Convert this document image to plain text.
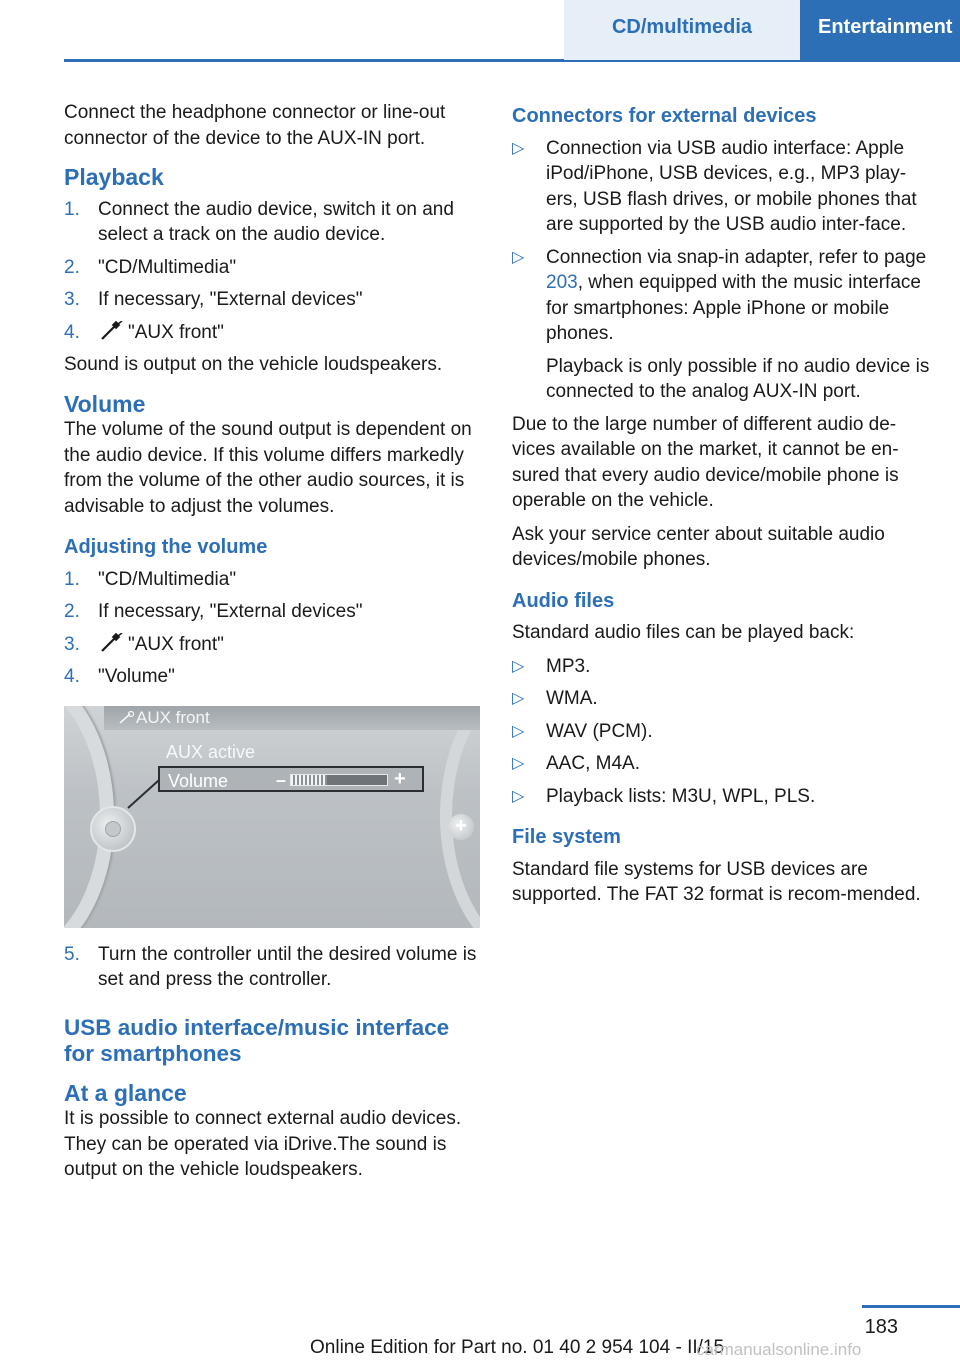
CD/multimedia	Entertainment

Connect the headphone connector or line-out connector of the device to the AUX-IN port.

Playback
1. Connect the audio device, switch it on and select a track on the audio device.
2. "CD/Multimedia"
3. If necessary, "External devices"
4.	"AUX front"

Sound is output on the vehicle loudspeakers.

Volume

The volume of the sound output is dependent on the audio device. If this volume differs markedly from the volume of the other audio sources, it is advisable to adjust the volumes.

Adjusting the volume
1. "CD/Multimedia"
2. If necessary, "External devices"
3.	"AUX front"
4. "Volume"
AUX front
+
AUX active
Volume	–	+
5. Turn the controller until the desired volume is set and press the controller.
USB audio interface/music interface for smartphones
At a glance

It is possible to connect external audio devices. They can be operated via iDrive.The sound is output on the vehicle loudspeakers.

Connectors for external devices
▷ Connection via USB audio interface: Apple iPod/iPhone, USB devices, e.g., MP3 play-ers, USB flash drives, or mobile phones that are supported by the USB audio inter-face.
▷ Connection via snap-in adapter, refer to page 203, when equipped with the music interface for smartphones: Apple iPhone or mobile phones.
Playback is only possible if no audio device is connected to the analog AUX-IN port.

Due to the large number of different audio de-vices available on the market, it cannot be en-sured that every audio device/mobile phone is operable on the vehicle.

Ask your service center about suitable audio devices/mobile phones.

Audio files

Standard audio files can be played back:

▷ MP3.
▷ WMA.
▷ WAV (PCM).
▷ AAC, M4A.
▷ Playback lists: M3U, WPL, PLS.
File system

Standard file systems for USB devices are supported. The FAT 32 format is recom-mended.

183
Online Edition for Part no. 01 40 2 954 104 - II/15
carmanualsonline.info
